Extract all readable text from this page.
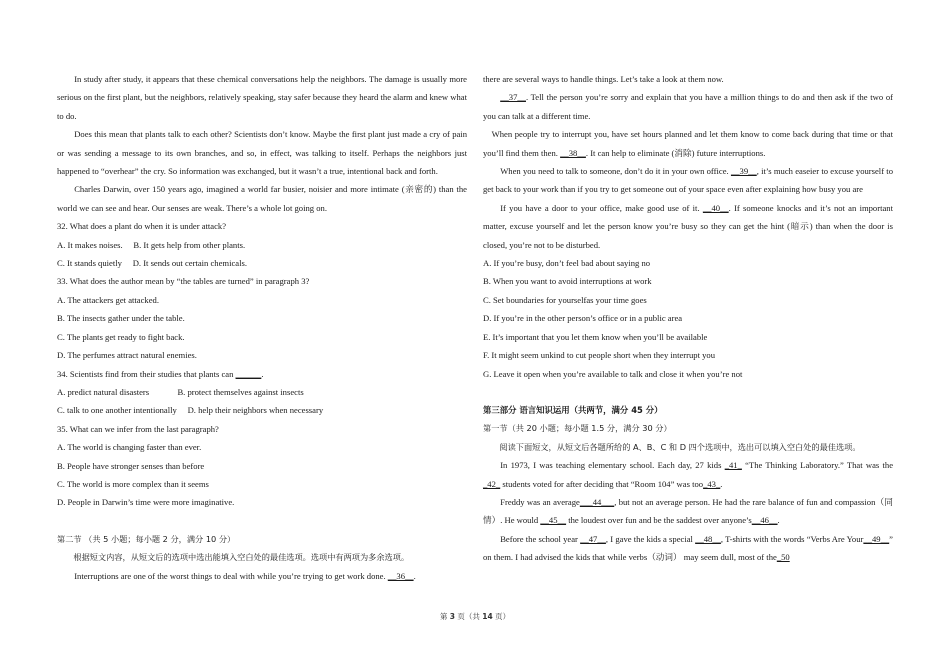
In study after study, it appears that these chemical conversations help the neighbors. The damage is usually more serious on the first plant, but the neighbors, relatively speaking, stay safer because they heard the alarm and knew what to do.

Does this mean that plants talk to each other? Scientists don’t know. Maybe the first plant just made a cry of pain or was sending a message to its own branches, and so, in effect, was talking to itself. Perhaps the neighbors just happened to “overhear” the cry. So information was exchanged, but it wasn’t a true, intentional back and forth.

Charles Darwin, over 150 years ago, imagined a world far busier, noisier and more intimate (亲密的) than the world we can see and hear. Our senses are weak. There’s a whole lot going on.

32. What does a plant do when it is under attack?

A. It makes noises. B. It gets help from other plants.

C. It stands quietly D. It sends out certain chemicals.

33. What does the author mean by “the tables are turned” in paragraph 3?

A. The attackers get attacked.

B. The insects gather under the table.

C. The plants get ready to fight back.

D. The perfumes attract natural enemies.

34. Scientists find from their studies that plants can ______.

A. predict natural disasters	B. protect themselves against insects

C. talk to one another intentionally D. help their neighbors when necessary

35. What can we infer from the last paragraph?

A. The world is changing faster than ever.

B. People have stronger senses than before

C. The world is more complex than it seems

D. People in Darwin’s time were more imaginative.

第二节 （共 5 小题；每小题 2 分，满分 10 分）

根据短文内容，从短文后的选项中选出能填入空白处的最佳选项。选项中有两项为多余选项。

Interruptions are one of the worst things to deal with while you’re trying to get work done. __36__.

there are several ways to handle things. Let’s take a look at them now.

__37__. Tell the person you’re sorry and explain that you have a million things to do and then ask if the two of you can talk at a different time.

When people try to interrupt you, have set hours planned and let them know to come back during that time or that you’ll find them then. __38__. It can help to eliminate (消除) future interruptions.

When you need to talk to someone, don’t do it in your own office. __39__, it’s much easeier to excuse yourself to get back to your work than if you try to get someone out of your space even after explaining how busy you are

If you have a door to your office, make good use of it. __40__. If someone knocks and it’s not an important matter, excuse yourself and let the person know you’re busy so they can get the hint (暗示) than when the door is closed, you’re not to be disturbed.

A. If you’re busy, don’t feel bad about saying no

B. When you want to avoid interruptions at work

C. Set boundaries for yourselfas your time goes

D. If you’re in the other person’s office or in a public area

E. It’s important that you let them know when you’ll be available

F. It might seem unkind to cut people short when they interrupt you

G. Leave it open when you’re available to talk and close it when you’re not

第三部分 语言知识运用（共两节，满分 45 分）

第一节（共 20 小题；每小题 1.5 分，满分 30 分）

阅读下面短文，从短文后各题所给的 A、B、C 和 D 四个选项中，选出可以填入空白处的最佳选项。

In 1973, I was teaching elementary school. Each day, 27 kids _41_ “The Thinking Laboratory.” That was the _42_ students voted for after deciding that “Room 104” was too_43_.

Freddy was an average___44___, but not an average person. He had the rare balance of fun and compassion（同情）. He would __45__ the loudest over fun and be the saddest over anyone’s__46__.

Before the school year __47__, I gave the kids a special __48__, T-shirts with the words “Verbs Are Your__49__” on them. I had advised the kids that while verbs（动词） may seem dull, most of the_50

第 3 页（共 14 页）
